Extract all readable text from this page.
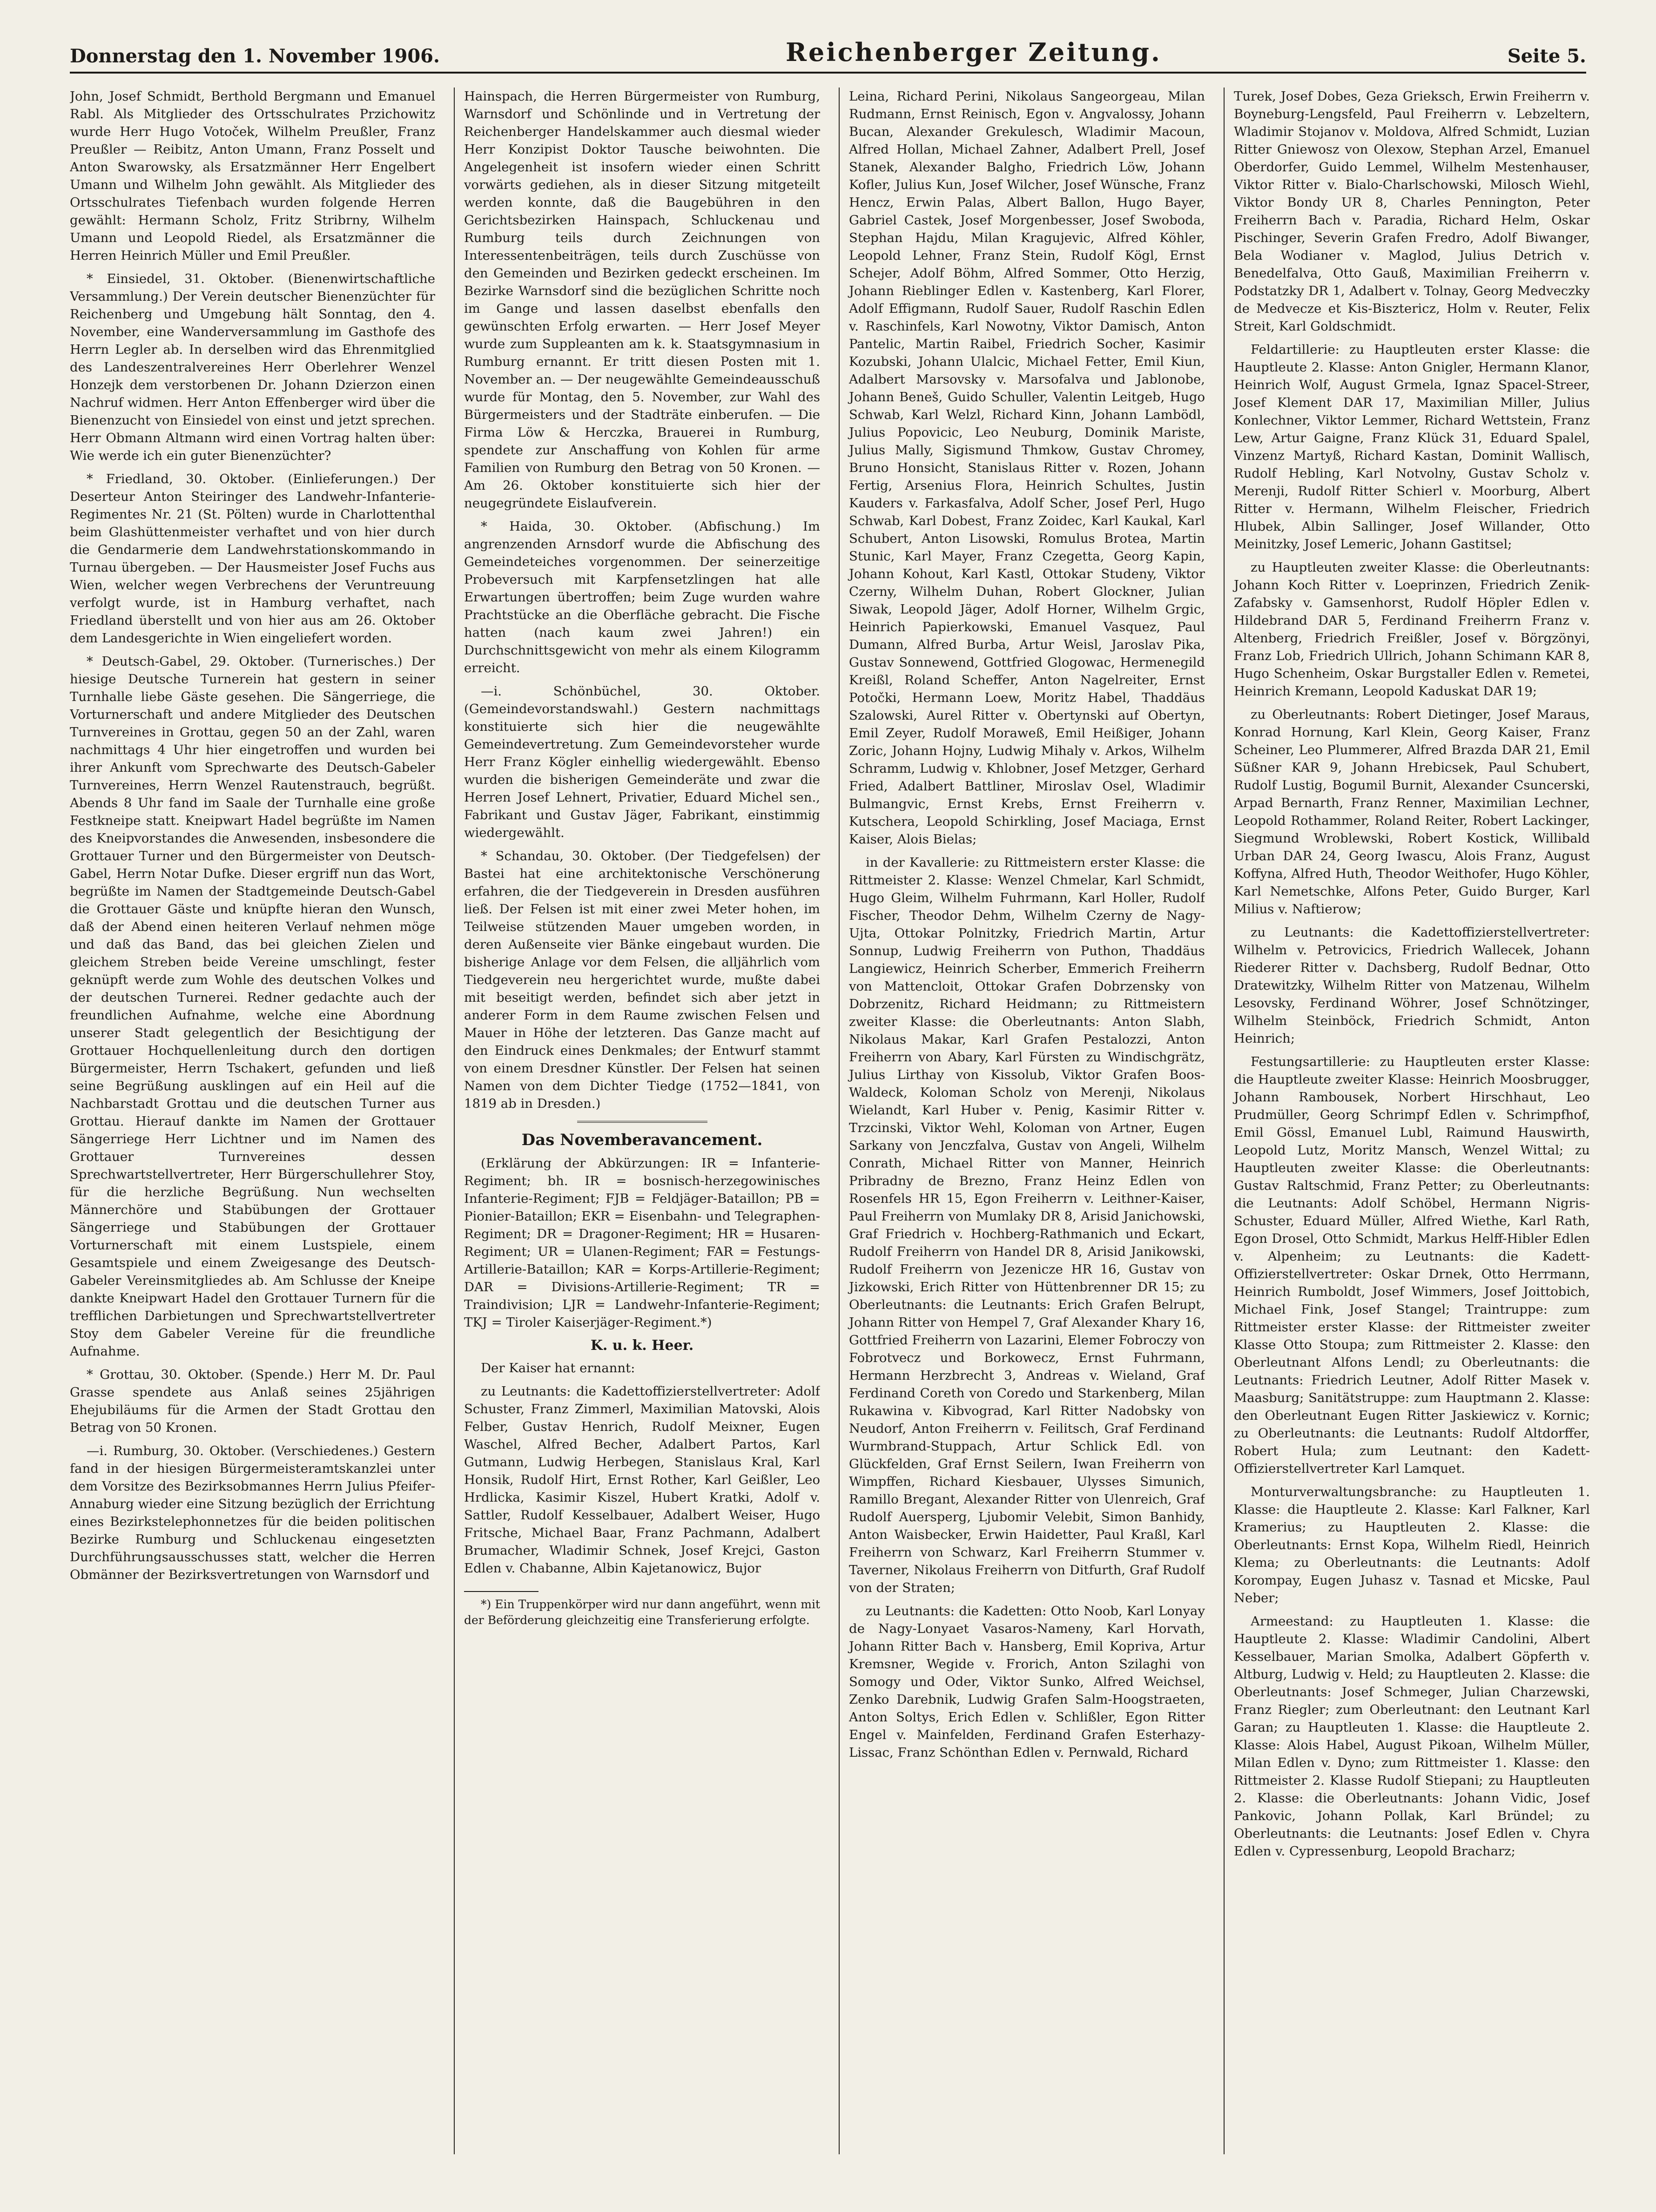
Donnerstag den 1. November 1906.	Reichenberger Zeitung.	Seite 5.

John, Josef Schmidt, Berthold Bergmann und Emanuel Rabl. Als Mitglieder des Ortsschulrates Przichowitz wurde Herr Hugo Votoček, Wilhelm Preußler, Franz Preußler — Reibitz, Anton Umann, Franz Posselt und Anton Swarowsky, als Ersatzmänner Herr Engelbert Umann und Wilhelm John gewählt. Als Mitglieder des Ortsschulrates Tiefenbach wurden folgende Herren gewählt: Hermann Scholz, Fritz Stribrny, Wilhelm Umann und Leopold Riedel, als Ersatzmänner die Herren Heinrich Müller und Emil Preußler.

* Einsiedel, 31. Oktober. (Bienenwirtschaftliche Versammlung.) Der Verein deutscher Bienenzüchter für Reichenberg und Umgebung hält Sonntag, den 4. November, eine Wanderversammlung im Gasthofe des Herrn Legler ab. In derselben wird das Ehrenmitglied des Landeszentralvereines Herr Oberlehrer Wenzel Honzejk dem verstorbenen Dr. Johann Dzierzon einen Nachruf widmen. Herr Anton Effenberger wird über die Bienenzucht von Einsiedel von einst und jetzt sprechen. Herr Obmann Altmann wird einen Vortrag halten über: Wie werde ich ein guter Bienenzüchter?

* Friedland, 30. Oktober. (Einlieferungen.) Der Deserteur Anton Steiringer des Landwehr-Infanterie-Regimentes Nr. 21 (St. Pölten) wurde in Charlottenthal beim Glashüttenmeister verhaftet und von hier durch die Gendarmerie dem Landwehrstationskommando in Turnau übergeben. — Der Hausmeister Josef Fuchs aus Wien, welcher wegen Verbrechens der Veruntreuung verfolgt wurde, ist in Hamburg verhaftet, nach Friedland überstellt und von hier aus am 26. Oktober dem Landesgerichte in Wien eingeliefert worden.

* Deutsch-Gabel, 29. Oktober. (Turnerisches.) Der hiesige Deutsche Turnerein hat gestern in seiner Turnhalle liebe Gäste gesehen. Die Sängerriege, die Vorturnerschaft und andere Mitglieder des Deutschen Turnvereines in Grottau, gegen 50 an der Zahl, waren nachmittags 4 Uhr hier eingetroffen und wurden bei ihrer Ankunft vom Sprechwarte des Deutsch-Gabeler Turnvereines, Herrn Wenzel Rautenstrauch, begrüßt. Abends 8 Uhr fand im Saale der Turnhalle eine große Festkneipe statt. Kneipwart Hadel begrüßte im Namen des Kneipvorstandes die Anwesenden, insbesondere die Grottauer Turner und den Bürgermeister von Deutsch-Gabel, Herrn Notar Dufke. Dieser ergriff nun das Wort, begrüßte im Namen der Stadtgemeinde Deutsch-Gabel die Grottauer Gäste und knüpfte hieran den Wunsch, daß der Abend einen heiteren Verlauf nehmen möge und daß das Band, das bei gleichen Zielen und gleichem Streben beide Vereine umschlingt, fester geknüpft werde zum Wohle des deutschen Volkes und der deutschen Turnerei. Redner gedachte auch der freundlichen Aufnahme, welche eine Abordnung unserer Stadt gelegentlich der Besichtigung der Grottauer Hochquellenleitung durch den dortigen Bürgermeister, Herrn Tschakert, gefunden und ließ seine Begrüßung ausklingen auf ein Heil auf die Nachbarstadt Grottau und die deutschen Turner aus Grottau. Hierauf dankte im Namen der Grottauer Sängerriege Herr Lichtner und im Namen des Grottauer Turnvereines dessen Sprechwartstellvertreter, Herr Bürgerschullehrer Stoy, für die herzliche Begrüßung. Nun wechselten Männerchöre und Stabübungen der Grottauer Sängerriege und Stabübungen der Grottauer Vorturnerschaft mit einem Lustspiele, einem Gesamtspiele und einem Zweigesange des Deutsch-Gabeler Vereinsmitgliedes ab. Am Schlusse der Kneipe dankte Kneipwart Hadel den Grottauer Turnern für die trefflichen Darbietungen und Sprechwartstellvertreter Stoy dem Gabeler Vereine für die freundliche Aufnahme.

* Grottau, 30. Oktober. (Spende.) Herr M. Dr. Paul Grasse spendete aus Anlaß seines 25jährigen Ehejubiläums für die Armen der Stadt Grottau den Betrag von 50 Kronen.

—i. Rumburg, 30. Oktober. (Verschiedenes.) Gestern fand in der hiesigen Bürgermeisteramtskanzlei unter dem Vorsitze des Bezirksobmannes Herrn Julius Pfeifer-Annaburg wieder eine Sitzung bezüglich der Errichtung eines Bezirkstelephonnetzes für die beiden politischen Bezirke Rumburg und Schluckenau eingesetzten Durchführungsausschusses statt, welcher die Herren Obmänner der Bezirksvertretungen von Warnsdorf und

Hainspach, die Herren Bürgermeister von Rumburg, Warnsdorf und Schönlinde und in Vertretung der Reichenberger Handelskammer auch diesmal wieder Herr Konzipist Doktor Tausche beiwohnten. Die Angelegenheit ist insofern wieder einen Schritt vorwärts gediehen, als in dieser Sitzung mitgeteilt werden konnte, daß die Baugebühren in den Gerichtsbezirken Hainspach, Schluckenau und Rumburg teils durch Zeichnungen von Interessentenbeiträgen, teils durch Zuschüsse von den Gemeinden und Bezirken gedeckt erscheinen. Im Bezirke Warnsdorf sind die bezüglichen Schritte noch im Gange und lassen daselbst ebenfalls den gewünschten Erfolg erwarten. — Herr Josef Meyer wurde zum Suppleanten am k. k. Staatsgymnasium in Rumburg ernannt. Er tritt diesen Posten mit 1. November an. — Der neugewählte Gemeindeausschuß wurde für Montag, den 5. November, zur Wahl des Bürgermeisters und der Stadträte einberufen. — Die Firma Löw & Herczka, Brauerei in Rumburg, spendete zur Anschaffung von Kohlen für arme Familien von Rumburg den Betrag von 50 Kronen. — Am 26. Oktober konstituierte sich hier der neugegründete Eislaufverein.

* Haida, 30. Oktober. (Abfischung.) Im angrenzenden Arnsdorf wurde die Abfischung des Gemeindeteiches vorgenommen. Der seinerzeitige Probeversuch mit Karpfensetzlingen hat alle Erwartungen übertroffen; beim Zuge wurden wahre Prachtstücke an die Oberfläche gebracht. Die Fische hatten (nach kaum zwei Jahren!) ein Durchschnittsgewicht von mehr als einem Kilogramm erreicht.

—i. Schönbüchel, 30. Oktober. (Gemeindevorstandswahl.) Gestern nachmittags konstituierte sich hier die neugewählte Gemeindevertretung. Zum Gemeindevorsteher wurde Herr Franz Kögler einhellig wiedergewählt. Ebenso wurden die bisherigen Gemeinderäte und zwar die Herren Josef Lehnert, Privatier, Eduard Michel sen., Fabrikant und Gustav Jäger, Fabrikant, einstimmig wiedergewählt.

* Schandau, 30. Oktober. (Der Tiedgefelsen) der Bastei hat eine architektonische Verschönerung erfahren, die der Tiedgeverein in Dresden ausführen ließ. Der Felsen ist mit einer zwei Meter hohen, im Teilweise stützenden Mauer umgeben worden, in deren Außenseite vier Bänke eingebaut wurden. Die bisherige Anlage vor dem Felsen, die alljährlich vom Tiedgeverein neu hergerichtet wurde, mußte dabei mit beseitigt werden, befindet sich aber jetzt in anderer Form in dem Raume zwischen Felsen und Mauer in Höhe der letzteren. Das Ganze macht auf den Eindruck eines Denkmales; der Entwurf stammt von einem Dresdner Künstler. Der Felsen hat seinen Namen von dem Dichter Tiedge (1752—1841, von 1819 ab in Dresden.)

Das Novemberavancement.

(Erklärung der Abkürzungen: IR = Infanterie-Regiment; bh. IR = bosnisch-herzegowinisches Infanterie-Regiment; FJB = Feldjäger-Bataillon; PB = Pionier-Bataillon; EKR = Eisenbahn- und Telegraphen-Regiment; DR = Dragoner-Regiment; HR = Husaren-Regiment; UR = Ulanen-Regiment; FAR = Festungs-Artillerie-Bataillon; KAR = Korps-Artillerie-Regiment; DAR = Divisions-Artillerie-Regiment; TR = Traindivision; LJR = Landwehr-Infanterie-Regiment; TKJ = Tiroler Kaiserjäger-Regiment.*)

K. u. k. Heer.

Der Kaiser hat ernannt:

zu Leutnants: die Kadettoffizierstellvertreter: Adolf Schuster, Franz Zimmerl, Maximilian Matovski, Alois Felber, Gustav Henrich, Rudolf Meixner, Eugen Waschel, Alfred Becher, Adalbert Partos, Karl Gutmann, Ludwig Herbegen, Stanislaus Kral, Karl Honsik, Rudolf Hirt, Ernst Rother, Karl Geißler, Leo Hrdlicka, Kasimir Kiszel, Hubert Kratki, Adolf v. Sattler, Rudolf Kesselbauer, Adalbert Weiser, Hugo Fritsche, Michael Baar, Franz Pachmann, Adalbert Brumacher, Wladimir Schnek, Josef Krejci, Gaston Edlen v. Chabanne, Albin Kajetanowicz, Bujor

*) Ein Truppenkörper wird nur dann angeführt, wenn mit der Beförderung gleichzeitig eine Transferierung erfolgte.

Leina, Richard Perini, Nikolaus Sangeorgeau, Milan Rudmann, Ernst Reinisch, Egon v. Angvalossy, Johann Bucan, Alexander Grekulesch, Wladimir Macoun, Alfred Hollan, Michael Zahner, Adalbert Prell, Josef Stanek, Alexander Balgho, Friedrich Löw, Johann Kofler, Julius Kun, Josef Wilcher, Josef Wünsche, Franz Hencz, Erwin Palas, Albert Ballon, Hugo Bayer, Gabriel Castek, Josef Morgenbesser, Josef Swoboda, Stephan Hajdu, Milan Kragujevic, Alfred Köhler, Leopold Lehner, Franz Stein, Rudolf Kögl, Ernst Schejer, Adolf Böhm, Alfred Sommer, Otto Herzig, Johann Rieblinger Edlen v. Kastenberg, Karl Florer, Adolf Effigmann, Rudolf Sauer, Rudolf Raschin Edlen v. Raschinfels, Karl Nowotny, Viktor Damisch, Anton Pantelic, Martin Raibel, Friedrich Socher, Kasimir Kozubski, Johann Ulalcic, Michael Fetter, Emil Kiun, Adalbert Marsovsky v. Marsofalva und Jablonobe, Johann Beneš, Guido Schuller, Valentin Leitgeb, Hugo Schwab, Karl Welzl, Richard Kinn, Johann Lambödl, Julius Popovicic, Leo Neuburg, Dominik Mariste, Julius Mally, Sigismund Thmkow, Gustav Chromey, Bruno Honsicht, Stanislaus Ritter v. Rozen, Johann Fertig, Arsenius Flora, Heinrich Schultes, Justin Kauders v. Farkasfalva, Adolf Scher, Josef Perl, Hugo Schwab, Karl Dobest, Franz Zoidec, Karl Kaukal, Karl Schubert, Anton Lisowski, Romulus Brotea, Martin Stunic, Karl Mayer, Franz Czegetta, Georg Kapin, Johann Kohout, Karl Kastl, Ottokar Studeny, Viktor Czerny, Wilhelm Duhan, Robert Glockner, Julian Siwak, Leopold Jäger, Adolf Horner, Wilhelm Grgic, Heinrich Papierkowski, Emanuel Vasquez, Paul Dumann, Alfred Burba, Artur Weisl, Jaroslav Pika, Gustav Sonnewend, Gottfried Glogowac, Hermenegild Kreißl, Roland Scheffer, Anton Nagelreiter, Ernst Potočki, Hermann Loew, Moritz Habel, Thaddäus Szalowski, Aurel Ritter v. Obertynski auf Obertyn, Emil Zeyer, Rudolf Moraweß, Emil Heißiger, Johann Zoric, Johann Hojny, Ludwig Mihaly v. Arkos, Wilhelm Schramm, Ludwig v. Khlobner, Josef Metzger, Gerhard Fried, Adalbert Battliner, Miroslav Osel, Wladimir Bulmangvic, Ernst Krebs, Ernst Freiherrn v. Kutschera, Leopold Schirkling, Josef Maciaga, Ernst Kaiser, Alois Bielas;

in der Kavallerie: zu Rittmeistern erster Klasse: die Rittmeister 2. Klasse: Wenzel Chmelar, Karl Schmidt, Hugo Gleim, Wilhelm Fuhrmann, Karl Holler, Rudolf Fischer, Theodor Dehm, Wilhelm Czerny de Nagy-Ujta, Ottokar Polnitzky, Friedrich Martin, Artur Sonnup, Ludwig Freiherrn von Puthon, Thaddäus Langiewicz, Heinrich Scherber, Emmerich Freiherrn von Mattencloit, Ottokar Grafen Dobrzensky von Dobrzenitz, Richard Heidmann; zu Rittmeistern zweiter Klasse: die Oberleutnants: Anton Slabh, Nikolaus Makar, Karl Grafen Pestalozzi, Anton Freiherrn von Abary, Karl Fürsten zu Windischgrätz, Julius Lirthay von Kissolub, Viktor Grafen Boos-Waldeck, Koloman Scholz von Merenji, Nikolaus Wielandt, Karl Huber v. Penig, Kasimir Ritter v. Trzcinski, Viktor Wehl, Koloman von Artner, Eugen Sarkany von Jenczfalva, Gustav von Angeli, Wilhelm Conrath, Michael Ritter von Manner, Heinrich Pribradny de Brezno, Franz Heinz Edlen von Rosenfels HR 15, Egon Freiherrn v. Leithner-Kaiser, Paul Freiherrn von Mumlaky DR 8, Arisid Janichowski, Graf Friedrich v. Hochberg-Rathmanich und Eckart, Rudolf Freiherrn von Handel DR 8, Arisid Janikowski, Rudolf Freiherrn von Jezenicze HR 16, Gustav von Jizkowski, Erich Ritter von Hüttenbrenner DR 15; zu Oberleutnants: die Leutnants: Erich Grafen Belrupt, Johann Ritter von Hempel 7, Graf Alexander Khary 16, Gottfried Freiherrn von Lazarini, Elemer Fobroczy von Fobrotvecz und Borkowecz, Ernst Fuhrmann, Hermann Herzbrecht 3, Andreas v. Wieland, Graf Ferdinand Coreth von Coredo und Starkenberg, Milan Rukawina v. Kibvograd, Karl Ritter Nadobsky von Neudorf, Anton Freiherrn v. Feilitsch, Graf Ferdinand Wurmbrand-Stuppach, Artur Schlick Edl. von Glückfelden, Graf Ernst Seilern, Iwan Freiherrn von Wimpffen, Richard Kiesbauer, Ulysses Simunich, Ramillo Bregant, Alexander Ritter von Ulenreich, Graf Rudolf Auersperg, Ljubomir Velebit, Simon Banhidy, Anton Waisbecker, Erwin Haidetter, Paul Kraßl, Karl Freiherrn von Schwarz, Karl Freiherrn Stummer v. Taverner, Nikolaus Freiherrn von Ditfurth, Graf Rudolf von der Straten;

zu Leutnants: die Kadetten: Otto Noob, Karl Lonyay de Nagy-Lonyaet Vasaros-Nameny, Karl Horvath, Johann Ritter Bach v. Hansberg, Emil Kopriva, Artur Kremsner, Wegide v. Frorich, Anton Szilaghi von Somogy und Oder, Viktor Sunko, Alfred Weichsel, Zenko Darebnik, Ludwig Grafen Salm-Hoogstraeten, Anton Soltys, Erich Edlen v. Schlißler, Egon Ritter Engel v. Mainfelden, Ferdinand Grafen Esterhazy-Lissac, Franz Schönthan Edlen v. Pernwald, Richard

Turek, Josef Dobes, Geza Grieksch, Erwin Freiherrn v. Boyneburg-Lengsfeld, Paul Freiherrn v. Lebzeltern, Wladimir Stojanov v. Moldova, Alfred Schmidt, Luzian Ritter Gniewosz von Olexow, Stephan Arzel, Emanuel Oberdorfer, Guido Lemmel, Wilhelm Mestenhauser, Viktor Ritter v. Bialo-Charlschowski, Milosch Wiehl, Viktor Bondy UR 8, Charles Pennington, Peter Freiherrn Bach v. Paradia, Richard Helm, Oskar Pischinger, Severin Grafen Fredro, Adolf Biwanger, Bela Wodianer v. Maglod, Julius Detrich v. Benedelfalva, Otto Gauß, Maximilian Freiherrn v. Podstatzky DR 1, Adalbert v. Tolnay, Georg Medveczky de Medvecze et Kis-Bisztericz, Holm v. Reuter, Felix Streit, Karl Goldschmidt.

Feldartillerie: zu Hauptleuten erster Klasse: die Hauptleute 2. Klasse: Anton Gnigler, Hermann Klanor, Heinrich Wolf, August Grmela, Ignaz Spacel-Streer, Josef Klement DAR 17, Maximilian Miller, Julius Konlechner, Viktor Lemmer, Richard Wettstein, Franz Lew, Artur Gaigne, Franz Klück 31, Eduard Spalel, Vinzenz Martyß, Richard Kastan, Dominit Wallisch, Rudolf Hebling, Karl Notvolny, Gustav Scholz v. Merenji, Rudolf Ritter Schierl v. Moorburg, Albert Ritter v. Hermann, Wilhelm Fleischer, Friedrich Hlubek, Albin Sallinger, Josef Willander, Otto Meinitzky, Josef Lemeric, Johann Gastitsel;

zu Hauptleuten zweiter Klasse: die Oberleutnants: Johann Koch Ritter v. Loeprinzen, Friedrich Zenik-Zafabsky v. Gamsenhorst, Rudolf Höpler Edlen v. Hildebrand DAR 5, Ferdinand Freiherrn Franz v. Altenberg, Friedrich Freißler, Josef v. Börgzönyi, Franz Lob, Friedrich Ullrich, Johann Schimann KAR 8, Hugo Schenheim, Oskar Burgstaller Edlen v. Remetei, Heinrich Kremann, Leopold Kaduskat DAR 19;

zu Oberleutnants: Robert Dietinger, Josef Maraus, Konrad Hornung, Karl Klein, Georg Kaiser, Franz Scheiner, Leo Plummerer, Alfred Brazda DAR 21, Emil Süßner KAR 9, Johann Hrebicsek, Paul Schubert, Rudolf Lustig, Bogumil Burnit, Alexander Csuncerski, Arpad Bernarth, Franz Renner, Maximilian Lechner, Leopold Rothammer, Roland Reiter, Robert Lackinger, Siegmund Wroblewski, Robert Kostick, Willibald Urban DAR 24, Georg Iwascu, Alois Franz, August Koffyna, Alfred Huth, Theodor Weithofer, Hugo Köhler, Karl Nemetschke, Alfons Peter, Guido Burger, Karl Milius v. Naftierow;

zu Leutnants: die Kadettoffizierstellvertreter: Wilhelm v. Petrovicics, Friedrich Wallecek, Johann Riederer Ritter v. Dachsberg, Rudolf Bednar, Otto Dratewitzky, Wilhelm Ritter von Matzenau, Wilhelm Lesovsky, Ferdinand Wöhrer, Josef Schnötzinger, Wilhelm Steinböck, Friedrich Schmidt, Anton Heinrich;

Festungsartillerie: zu Hauptleuten erster Klasse: die Hauptleute zweiter Klasse: Heinrich Moosbrugger, Johann Rambousek, Norbert Hirschhaut, Leo Prudmüller, Georg Schrimpf Edlen v. Schrimpfhof, Emil Gössl, Emanuel Lubl, Raimund Hauswirth, Leopold Lutz, Moritz Mansch, Wenzel Wittal; zu Hauptleuten zweiter Klasse: die Oberleutnants: Gustav Raltschmid, Franz Petter; zu Oberleutnants: die Leutnants: Adolf Schöbel, Hermann Nigris-Schuster, Eduard Müller, Alfred Wiethe, Karl Rath, Egon Drosel, Otto Schmidt, Markus Helff-Hibler Edlen v. Alpenheim; zu Leutnants: die Kadett-Offizierstellvertreter: Oskar Drnek, Otto Herrmann, Heinrich Rumboldt, Josef Wimmers, Josef Joittobich, Michael Fink, Josef Stangel; Traintruppe: zum Rittmeister erster Klasse: der Rittmeister zweiter Klasse Otto Stoupa; zum Rittmeister 2. Klasse: den Oberleutnant Alfons Lendl; zu Oberleutnants: die Leutnants: Friedrich Leutner, Adolf Ritter Masek v. Maasburg; Sanitätstruppe: zum Hauptmann 2. Klasse: den Oberleutnant Eugen Ritter Jaskiewicz v. Kornic; zu Oberleutnants: die Leutnants: Rudolf Altdorffer, Robert Hula; zum Leutnant: den Kadett-Offizierstellvertreter Karl Lamquet.

Monturverwaltungsbranche: zu Hauptleuten 1. Klasse: die Hauptleute 2. Klasse: Karl Falkner, Karl Kramerius; zu Hauptleuten 2. Klasse: die Oberleutnants: Ernst Kopa, Wilhelm Riedl, Heinrich Klema; zu Oberleutnants: die Leutnants: Adolf Korompay, Eugen Juhasz v. Tasnad et Micske, Paul Neber;

Armeestand: zu Hauptleuten 1. Klasse: die Hauptleute 2. Klasse: Wladimir Candolini, Albert Kesselbauer, Marian Smolka, Adalbert Göpferth v. Altburg, Ludwig v. Held; zu Hauptleuten 2. Klasse: die Oberleutnants: Josef Schmeger, Julian Charzewski, Franz Riegler; zum Oberleutnant: den Leutnant Karl Garan; zu Hauptleuten 1. Klasse: die Hauptleute 2. Klasse: Alois Habel, August Pikoan, Wilhelm Müller, Milan Edlen v. Dyno; zum Rittmeister 1. Klasse: den Rittmeister 2. Klasse Rudolf Stiepani; zu Hauptleuten 2. Klasse: die Oberleutnants: Johann Vidic, Josef Pankovic, Johann Pollak, Karl Bründel; zu Oberleutnants: die Leutnants: Josef Edlen v. Chyra Edlen v. Cypressenburg, Leopold Bracharz;
